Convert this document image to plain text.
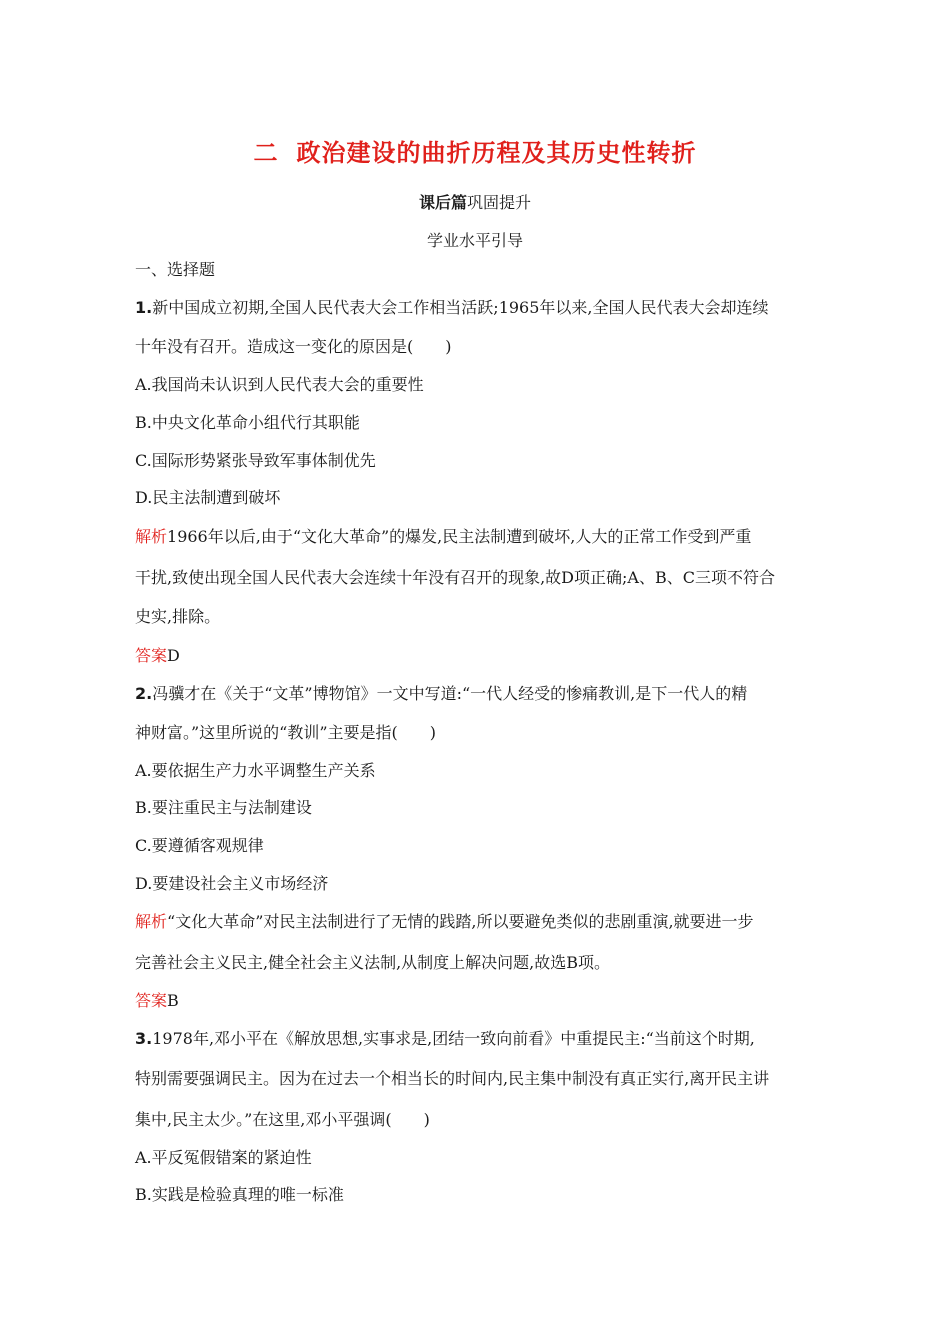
二 政治建设的曲折历程及其历史性转折
课后篇巩固提升
学业水平引导
一、选择题
1.新中国成立初期,全国人民代表大会工作相当活跃;1965年以来,全国人民代表大会却连续
十年没有召开。造成这一变化的原因是(　　)
A.我国尚未认识到人民代表大会的重要性
B.中央文化革命小组代行其职能
C.国际形势紧张导致军事体制优先
D.民主法制遭到破坏
解析1966年以后,由于“文化大革命”的爆发,民主法制遭到破坏,人大的正常工作受到严重
干扰,致使出现全国人民代表大会连续十年没有召开的现象,故D项正确;A、B、C三项不符合
史实,排除。
答案D
2.冯骥才在《关于“文革”博物馆》一文中写道:“一代人经受的惨痛教训,是下一代人的精
神财富。”这里所说的“教训”主要是指(　　)
A.要依据生产力水平调整生产关系
B.要注重民主与法制建设
C.要遵循客观规律
D.要建设社会主义市场经济
解析“文化大革命”对民主法制进行了无情的践踏,所以要避免类似的悲剧重演,就要进一步
完善社会主义民主,健全社会主义法制,从制度上解决问题,故选B项。
答案B
3.1978年,邓小平在《解放思想,实事求是,团结一致向前看》中重提民主:“当前这个时期,
特别需要强调民主。因为在过去一个相当长的时间内,民主集中制没有真正实行,离开民主讲
集中,民主太少。”在这里,邓小平强调(　　)
A.平反冤假错案的紧迫性
B.实践是检验真理的唯一标准
